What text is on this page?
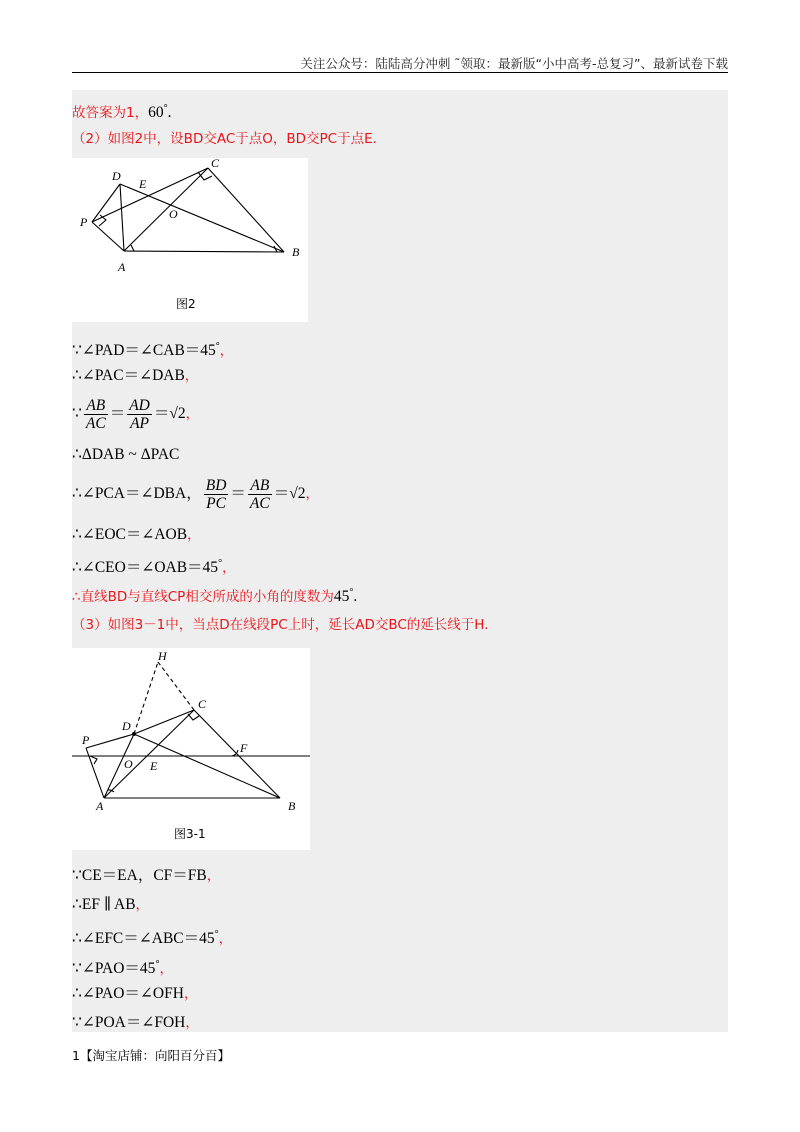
关注公众号：陆陆高分冲刺 ˜领取：最新版“小中高考-总复习”、最新试卷下载
故答案为1，60°.
（2）如图2中，设BD交AC于点O，BD交PC于点E.
P
D
E
C
O
A
B
图2
∵∠PAD＝∠CAB＝45°，
∴∠PAC＝∠DAB，
∵ $\frac{AB}{AC} = \frac{AD}{AP} =√2$，
∴ΔDAB ~ ΔPAC
∴∠PCA＝∠DBA， $\frac{BD}{PC} = \frac{AB}{AC} =√2$，
∴∠EOC＝∠AOB，
∴∠CEO＝∠OAB＝45°，
∴直线BD与直线CP相交所成的小角的度数为45°.
（3）如图3－1中，当点D在线段PC上时，延长AD交BC的延长线于H.
H
C
D
P
O E
F
A	B
图3-1
∵CE＝EA，CF＝FB，
∴EF ∥ AB，
∴∠EFC＝∠ABC＝45°，
∵∠PAO＝45°，
∴∠PAO＝∠OFH，
∵∠POA＝∠FOH，
1【淘宝店铺：向阳百分百】
